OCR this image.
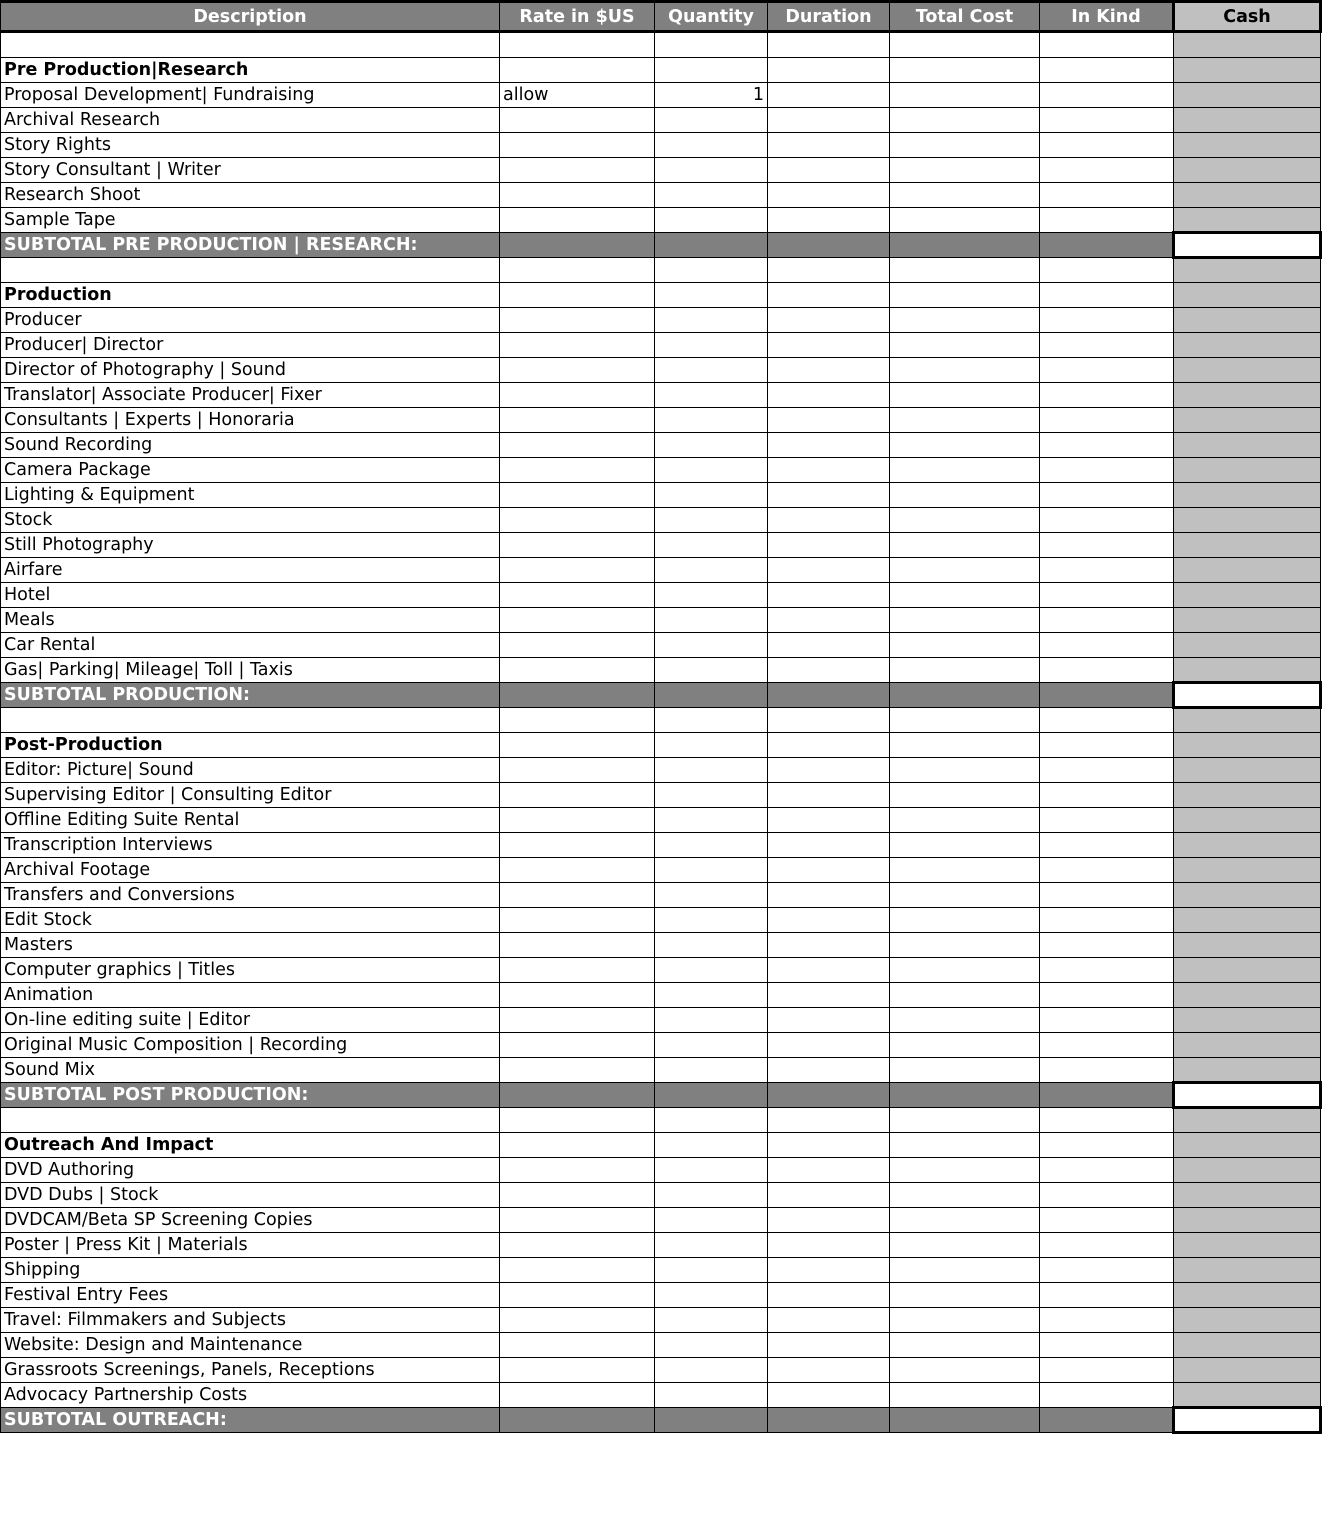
Description	Rate in $US	Quantity	Duration	Total Cost	In Kind	Cash

Pre Production|Research						
Proposal Development| Fundraising	allow	1				
Archival Research						
Story Rights						
Story Consultant | Writer						
Research Shoot						
Sample Tape						
SUBTOTAL PRE PRODUCTION | RESEARCH:						

Production						
Producer						
Producer| Director						
Director of Photography | Sound						
Translator| Associate Producer| Fixer						
Consultants | Experts | Honoraria						
Sound Recording						
Camera Package						
Lighting & Equipment						
Stock						
Still Photography						
Airfare						
Hotel						
Meals						
Car Rental						
Gas| Parking| Mileage| Toll | Taxis						
SUBTOTAL PRODUCTION:						

Post-Production						
Editor: Picture| Sound						
Supervising Editor | Consulting Editor						
Offline Editing Suite Rental						
Transcription Interviews						
Archival Footage						
Transfers and Conversions						
Edit Stock						
Masters						
Computer graphics | Titles						
Animation						
On-line editing suite | Editor						
Original Music Composition | Recording						
Sound Mix						
SUBTOTAL POST PRODUCTION:						

Outreach And Impact						
DVD Authoring						
DVD Dubs | Stock						
DVDCAM/Beta SP Screening Copies						
Poster | Press Kit | Materials						
Shipping						
Festival Entry Fees						
Travel: Filmmakers and Subjects						
Website: Design and Maintenance						
Grassroots Screenings, Panels, Receptions						
Advocacy Partnership Costs						
SUBTOTAL OUTREACH:						
